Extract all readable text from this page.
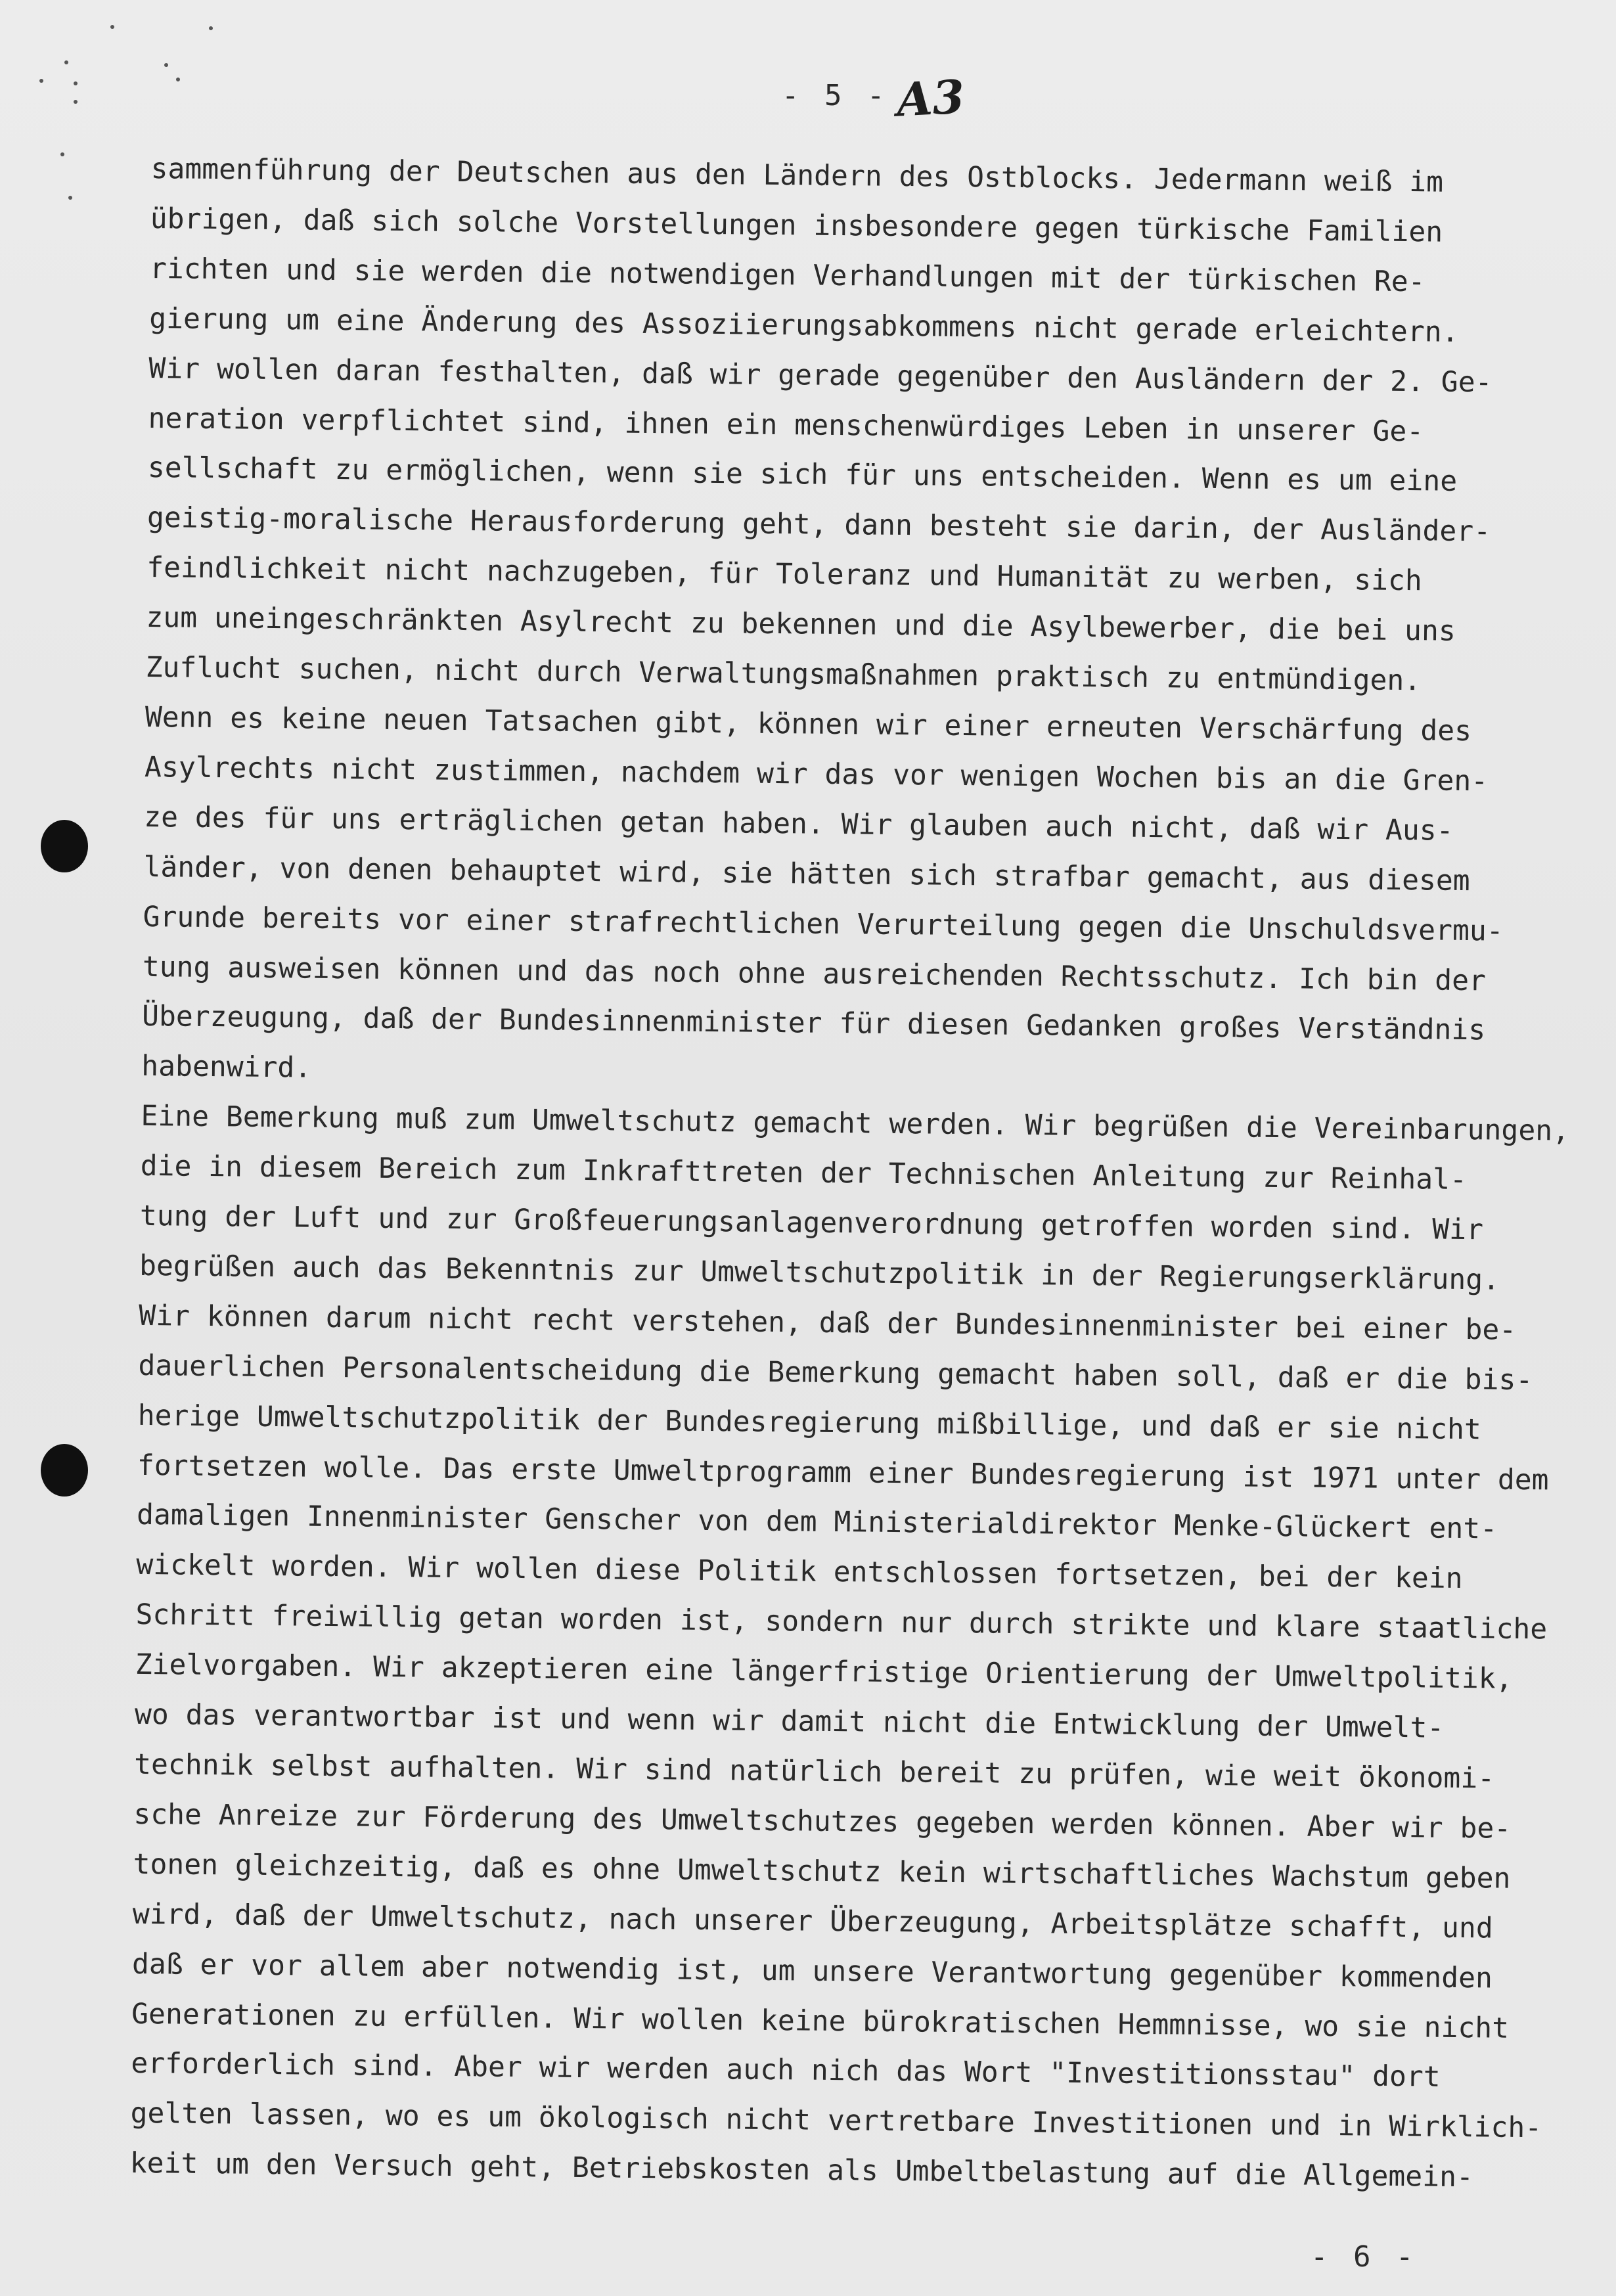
- 5 - A3
sammenführung der Deutschen aus den Ländern des Ostblocks. Jedermann weiß im
übrigen, daß sich solche Vorstellungen insbesondere gegen türkische Familien
richten und sie werden die notwendigen Verhandlungen mit der türkischen Re-
gierung um eine Änderung des Assoziierungsabkommens nicht gerade erleichtern.
Wir wollen daran festhalten, daß wir gerade gegenüber den Ausländern der 2. Ge-
neration verpflichtet sind, ihnen ein menschenwürdiges Leben in unserer Ge-
sellschaft zu ermöglichen, wenn sie sich für uns entscheiden. Wenn es um eine
geistig-moralische Herausforderung geht, dann besteht sie darin, der Ausländer-
feindlichkeit nicht nachzugeben, für Toleranz und Humanität zu werben, sich
zum uneingeschränkten Asylrecht zu bekennen und die Asylbewerber, die bei uns
Zuflucht suchen, nicht durch Verwaltungsmaßnahmen praktisch zu entmündigen.
Wenn es keine neuen Tatsachen gibt, können wir einer erneuten Verschärfung des
Asylrechts nicht zustimmen, nachdem wir das vor wenigen Wochen bis an die Gren-
ze des für uns erträglichen getan haben. Wir glauben auch nicht, daß wir Aus-
länder, von denen behauptet wird, sie hätten sich strafbar gemacht, aus diesem
Grunde bereits vor einer strafrechtlichen Verurteilung gegen die Unschuldsvermu-
tung ausweisen können und das noch ohne ausreichenden Rechtsschutz. Ich bin der
Überzeugung, daß der Bundesinnenminister für diesen Gedanken großes Verständnis
habenwird.
Eine Bemerkung muß zum Umweltschutz gemacht werden. Wir begrüßen die Vereinbarungen,
die in diesem Bereich zum Inkrafttreten der Technischen Anleitung zur Reinhal-
tung der Luft und zur Großfeuerungsanlagenverordnung getroffen worden sind. Wir
begrüßen auch das Bekenntnis zur Umweltschutzpolitik in der Regierungserklärung.
Wir können darum nicht recht verstehen, daß der Bundesinnenminister bei einer be-
dauerlichen Personalentscheidung die Bemerkung gemacht haben soll, daß er die bis-
herige Umweltschutzpolitik der Bundesregierung mißbillige, und daß er sie nicht
fortsetzen wolle. Das erste Umweltprogramm einer Bundesregierung ist 1971 unter dem
damaligen Innenminister Genscher von dem Ministerialdirektor Menke-Glückert ent-
wickelt worden. Wir wollen diese Politik entschlossen fortsetzen, bei der kein
Schritt freiwillig getan worden ist, sondern nur durch strikte und klare staatliche
Zielvorgaben. Wir akzeptieren eine längerfristige Orientierung der Umweltpolitik,
wo das verantwortbar ist und wenn wir damit nicht die Entwicklung der Umwelt-
technik selbst aufhalten. Wir sind natürlich bereit zu prüfen, wie weit ökonomi-
sche Anreize zur Förderung des Umweltschutzes gegeben werden können. Aber wir be-
tonen gleichzeitig, daß es ohne Umweltschutz kein wirtschaftliches Wachstum geben
wird, daß der Umweltschutz, nach unserer Überzeugung, Arbeitsplätze schafft, und
daß er vor allem aber notwendig ist, um unsere Verantwortung gegenüber kommenden
Generationen zu erfüllen. Wir wollen keine bürokratischen Hemmnisse, wo sie nicht
erforderlich sind. Aber wir werden auch nich das Wort "Investitionsstau" dort
gelten lassen, wo es um ökologisch nicht vertretbare Investitionen und in Wirklich-
keit um den Versuch geht, Betriebskosten als Umbeltbelastung auf die Allgemein-
- 6 -
